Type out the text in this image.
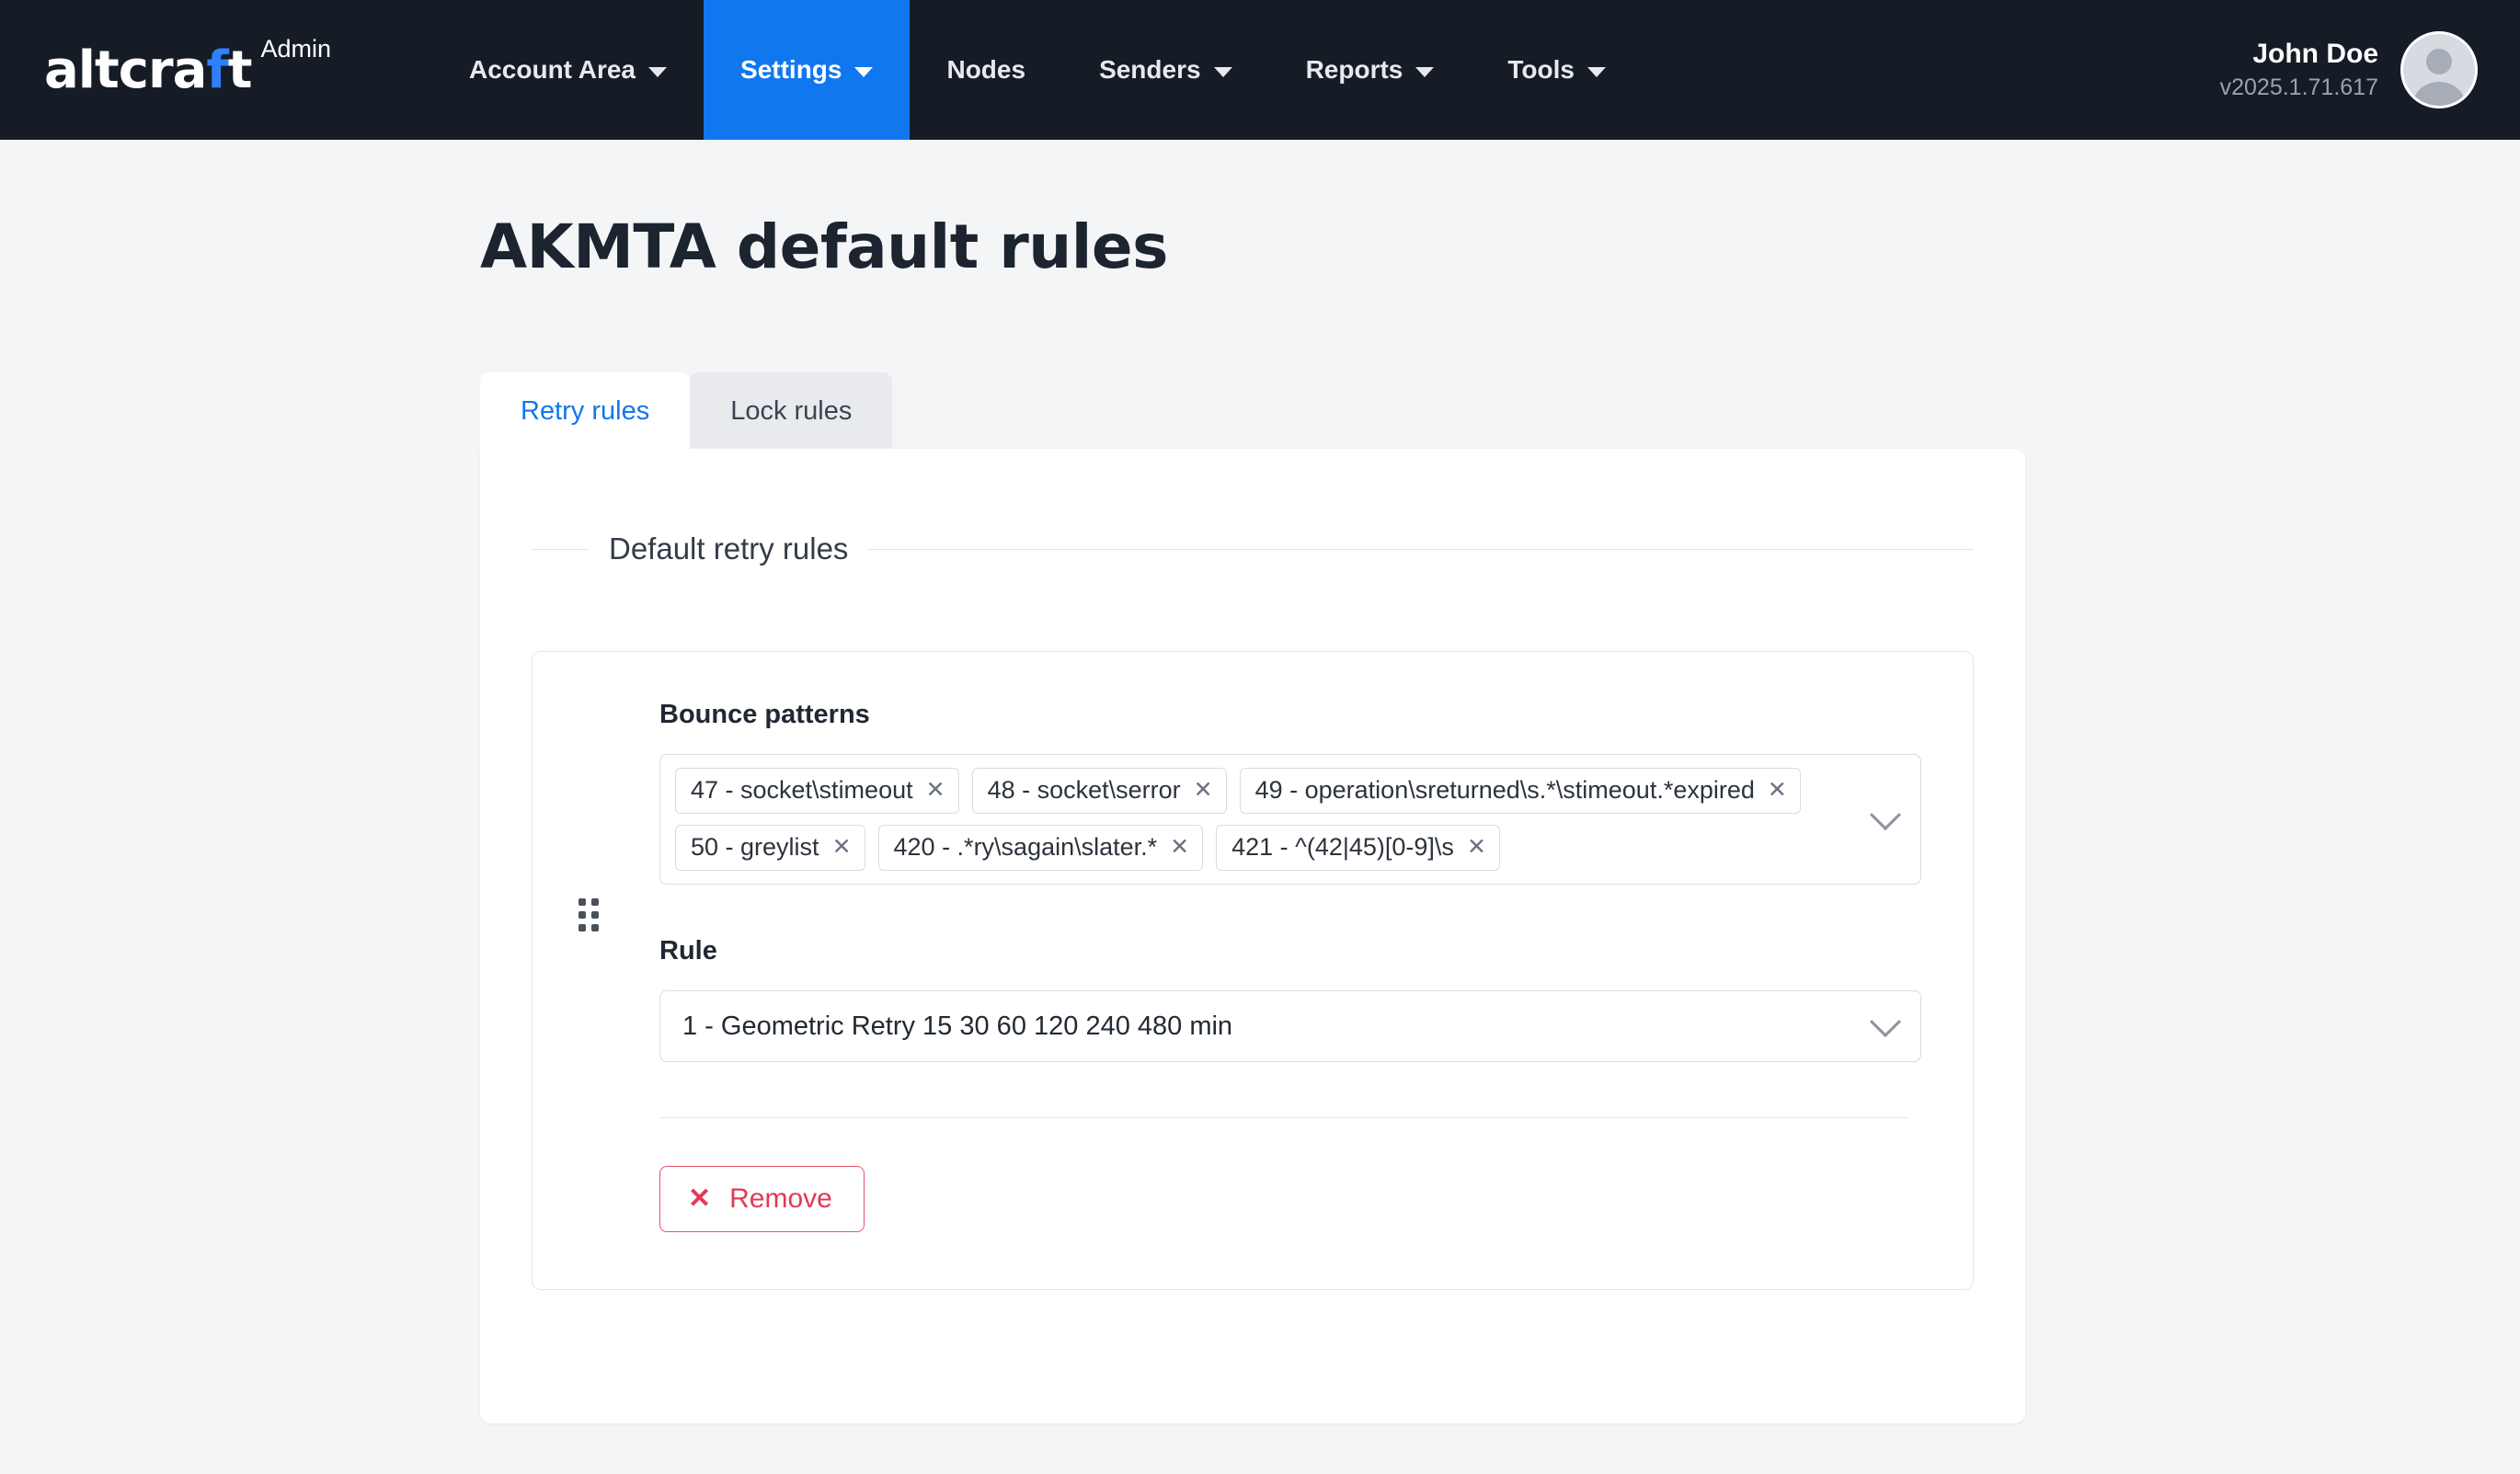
altcraft Admin
Account Area	Settings	Nodes	Senders	Reports	Tools
John Doe
v2025.1.71.617
AKMTA default rules
Retry rules	Lock rules
Default retry rules
Bounce patterns
47 - socket\stimeout ✕ 48 - socket\serror ✕ 49 - operation\sreturned\s.*\stimeout.*expired ✕
50 - greylist ✕ 420 - .*ry\sagain\slater.* ✕ 421 - ^(42|45)[0-9]\s ✕
Rule
1 - Geometric Retry 15 30 60 120 240 480 min
✕ Remove
